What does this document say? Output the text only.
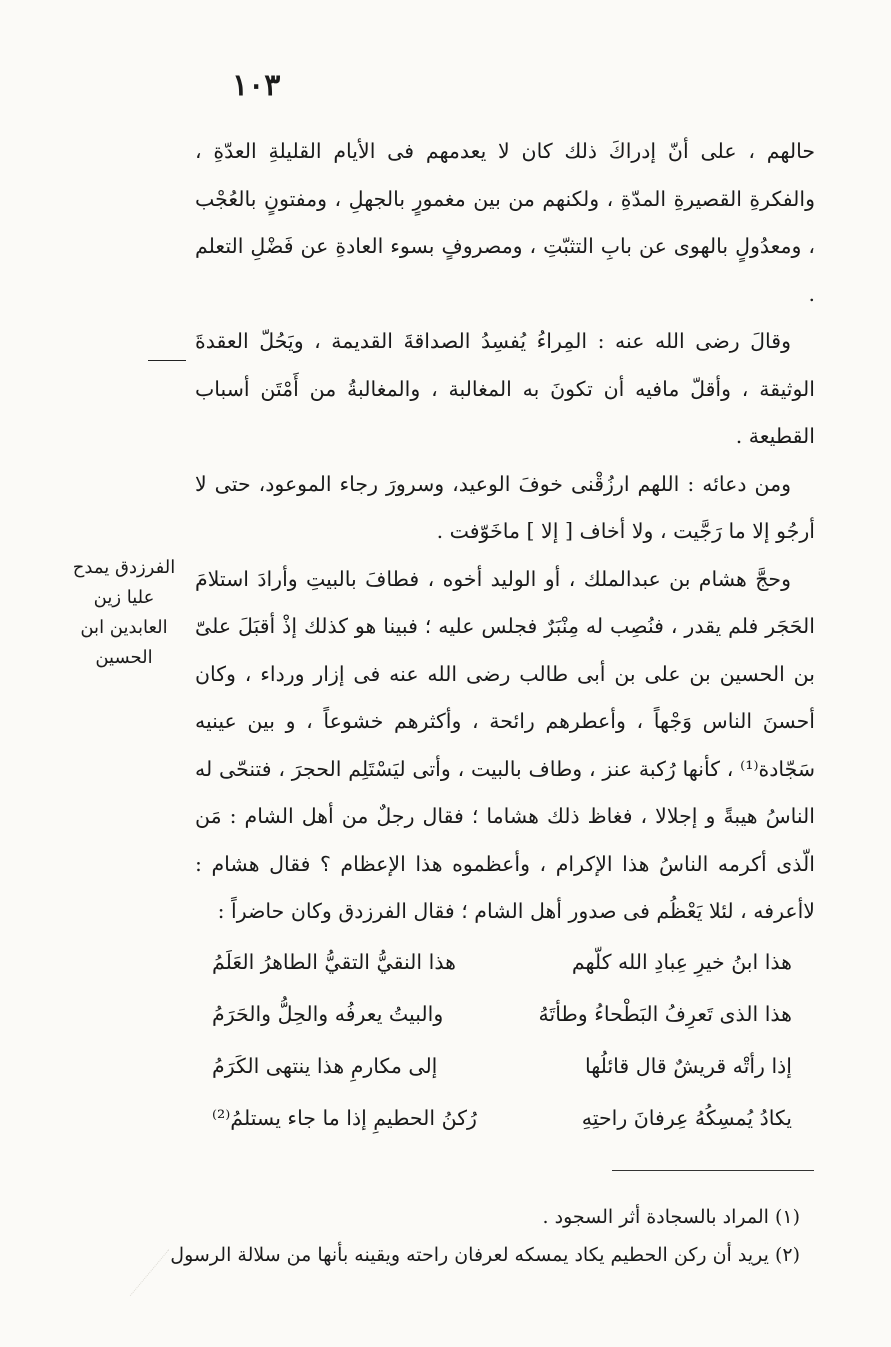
١٠٣

حالهم ، على أنّ إدراكَ ذلك كان لا يعدمهم فى الأيام القليلةِ العدّةِ ، والفكرةِ القصيرةِ المدّةِ ، ولكنهم من بين مغمورٍ بالجهلِ ، ومفتونٍ بالعُجْب ، ومعدُولٍ بالهوى عن بابِ التثبّتِ ، ومصروفٍ بسوء العادةِ عن فَضْلِ التعلم .

وقالَ رضى الله عنه : المِراءُ يُفسِدُ الصداقةَ القديمة ، ويَحُلّ العقدةَ الوثيقة ، وأقلّ مافيه أن تكونَ به المغالبة ، والمغالبةُ من أَمْتَن أسباب القطيعة .

ومن دعائه : اللهم ارزُقْنى خوفَ الوعيد، وسرورَ رجاء الموعود، حتى لا أرجُو إلا ما رَجَّيت ، ولا أخاف [ إلا ] ماخَوّفت .

وحجَّ هشام بن عبدالملك ، أو الوليد أخوه ، فطافَ بالبيتِ وأرادَ استلامَ الحَجَر فلم يقدر ، فنُصِب له مِنْبَرٌ فجلس عليه ؛ فبينا هو كذلك إذْ أقبَلَ علىّ بن الحسين بن على بن أبى طالب رضى الله عنه فى إزار ورداء ، وكان أحسنَ الناس وَجْهاً ، وأعطرهم رائحة ، وأكثرهم خشوعاً ، و بين عينيه سَجّادة⁽¹⁾ ، كأنها رُكبة عنز ، وطاف بالبيت ، وأتى ليَسْتَلِم الحجرَ ، فتنحّى له الناسُ هيبةً و إجلالا ، فغاظ ذلك هشاما ؛ فقال رجلٌ من أهل الشام : مَن الّذى أكرمه الناسُ هذا الإكرام ، وأعظموه هذا الإعظام ؟ فقال هشام : لاأعرفه ، لئلا يَعْظُم فى صدور أهل الشام ؛ فقال الفرزدق وكان حاضراً :

الفرزدق يمدح
عليا زين
العابدين ابن
الحسين
هذا ابنُ خيرِ عِبادِ الله كلّهم
هذا النقيُّ التقيُّ الطاهرُ العَلَمُ
هذا الذى تَعرِفُ البَطْحاءُ وطأتَهُ
والبيتُ يعرفُه والحِلُّ والحَرَمُ
إذا رأتْه قريشٌ قال قائلُها
إلى مكارمِ هذا ينتهى الكَرَمُ
يكادُ يُمسِكُهُ عِرفانَ راحتِهِ
رُكنُ الحطيمِ إذا ما جاء يستلمُ⁽²⁾
(١) المراد بالسجادة أثر السجود .
(٢) يريد أن ركن الحطيم يكاد يمسكه لعرفان راحته ويقينه بأنها من سلالة الرسول
